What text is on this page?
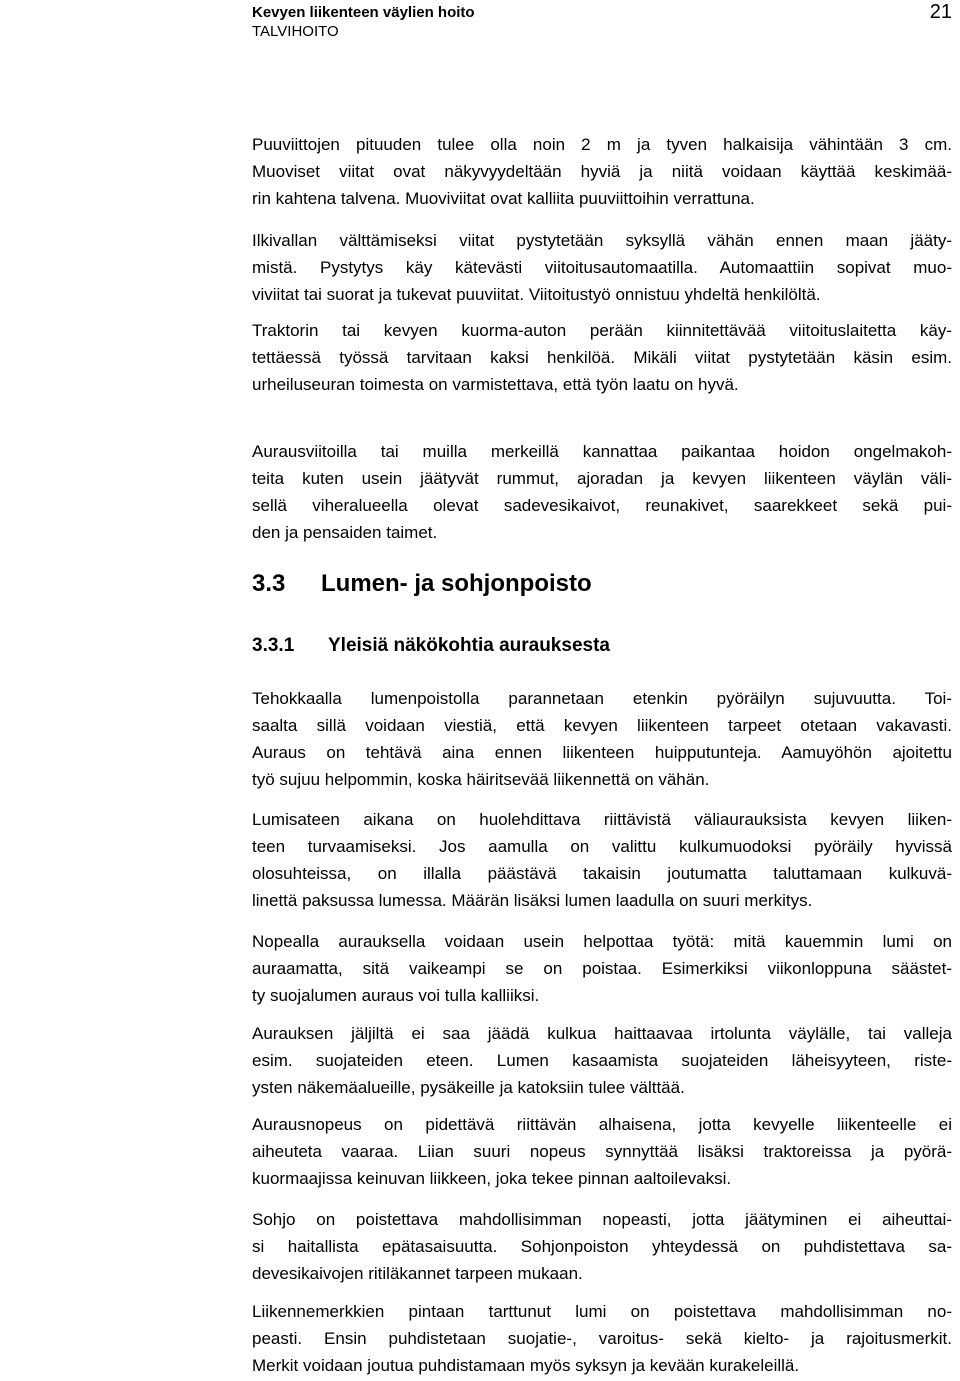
Kevyen liikenteen väylien hoito
TALVIHOITO
21
Puuviittojen pituuden tulee olla noin 2 m ja tyven halkaisija vähintään 3 cm.
Muoviset viitat ovat näkyvyydeltään hyviä ja niitä voidaan käyttää keskimää-
rin kahtena talvena. Muoviviitat ovat kalliita puuviittoihin verrattuna.
Ilkivallan välttämiseksi viitat pystytetään syksyllä vähän ennen maan jääty-
mistä. Pystytys käy kätevästi viitoitusautomaatilla. Automaattiin sopivat muo-
viviitat tai suorat ja tukevat puuviitat. Viitoitustyö onnistuu yhdeltä henkilöltä.
Traktorin tai kevyen kuorma-auton perään kiinnitettävää viitoituslaitetta käy-
tettäessä työssä tarvitaan kaksi henkilöä. Mikäli viitat pystytetään käsin esim.
urheiluseuran toimesta on varmistettava, että työn laatu on hyvä.
Aurausviitoilla tai muilla merkeillä kannattaa paikantaa hoidon ongelmakoh-
teita kuten usein jäätyvät rummut, ajoradan ja kevyen liikenteen väylän väli-
sellä viheralueella olevat sadevesikaivot, reunakivet, saarekkeet sekä pui-
den ja pensaiden taimet.
3.3 Lumen- ja sohjonpoisto
3.3.1 Yleisiä näkökohtia aurauksesta
Tehokkaalla lumenpoistolla parannetaan etenkin pyöräilyn sujuvuutta. Toi-
saalta sillä voidaan viestiä, että kevyen liikenteen tarpeet otetaan vakavasti.
Auraus on tehtävä aina ennen liikenteen huipputunteja. Aamuyöhön ajoitettu
työ sujuu helpommin, koska häiritsevää liikennettä on vähän.
Lumisateen aikana on huolehdittava riittävistä väliaurauksista kevyen liiken-
teen turvaamiseksi. Jos aamulla on valittu kulkumuodoksi pyöräily hyvissä
olosuhteissa, on illalla päästävä takaisin joutumatta taluttamaan kulkuvä-
linettä paksussa lumessa. Määrän lisäksi lumen laadulla on suuri merkitys.
Nopealla aurauksella voidaan usein helpottaa työtä: mitä kauemmin lumi on
auraamatta, sitä vaikeampi se on poistaa. Esimerkiksi viikonloppuna säästet-
ty suojalumen auraus voi tulla kalliiksi.
Aurauksen jäljiltä ei saa jäädä kulkua haittaavaa irtolunta väylälle, tai valleja
esim. suojateiden eteen. Lumen kasaamista suojateiden läheisyyteen, riste-
ysten näkemäalueille, pysäkeille ja katoksiin tulee välttää.
Aurausnopeus on pidettävä riittävän alhaisena, jotta kevyelle liikenteelle ei
aiheuteta vaaraa. Liian suuri nopeus synnyttää lisäksi traktoreissa ja pyörä-
kuormaajissa keinuvan liikkeen, joka tekee pinnan aaltoilevaksi.
Sohjo on poistettava mahdollisimman nopeasti, jotta jäätyminen ei aiheuttai-
si haitallista epätasaisuutta. Sohjonpoiston yhteydessä on puhdistettava sa-
devesikaivojen ritiläkannet tarpeen mukaan.
Liikennemerkkien pintaan tarttunut lumi on poistettava mahdollisimman no-
peasti. Ensin puhdistetaan suojatie-, varoitus- sekä kielto- ja rajoitusmerkit.
Merkit voidaan joutua puhdistamaan myös syksyn ja kevään kurakeleillä.
